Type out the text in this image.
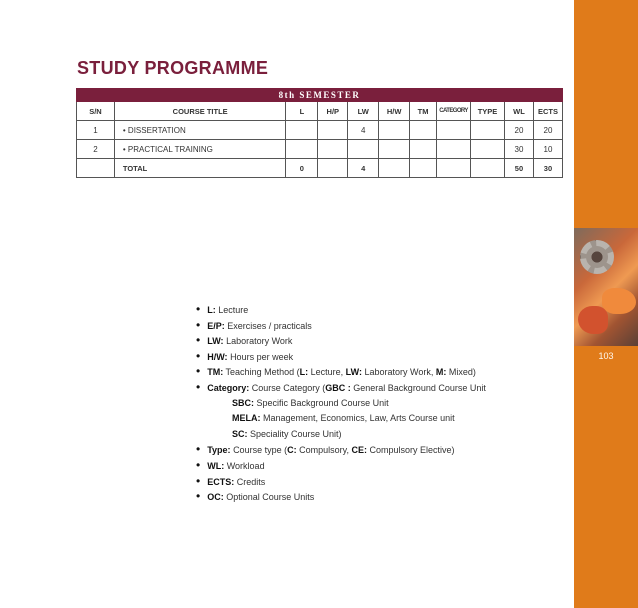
103
STUDY PROGRAMME
8th SEMESTER										
S/N	COURSE TITLE	L	H/P	LW	H/W	TM	CATEGORY	TYPE	WL	ECTS
1	• DISSERTATION			4					20	20
2	• PRACTICAL TRAINING								30	10
	TOTAL	0		4					50	30
• L: Lecture
• E/P: Exercises / practicals
• LW: Laboratory Work
• H/W: Hours per week
• TM: Teaching Method (L: Lecture, LW: Laboratory Work, M: Mixed)
• Category: Course Category (GBC : General Background Course Unit
SBC: Specific Background Course Unit
MELA: Management, Economics, Law, Arts Course unit
SC: Speciality Course Unit)
• Type: Course type (C: Compulsory, CE: Compulsory Elective)
• WL: Workload
• ECTS: Credits
• OC: Optional Course Units
